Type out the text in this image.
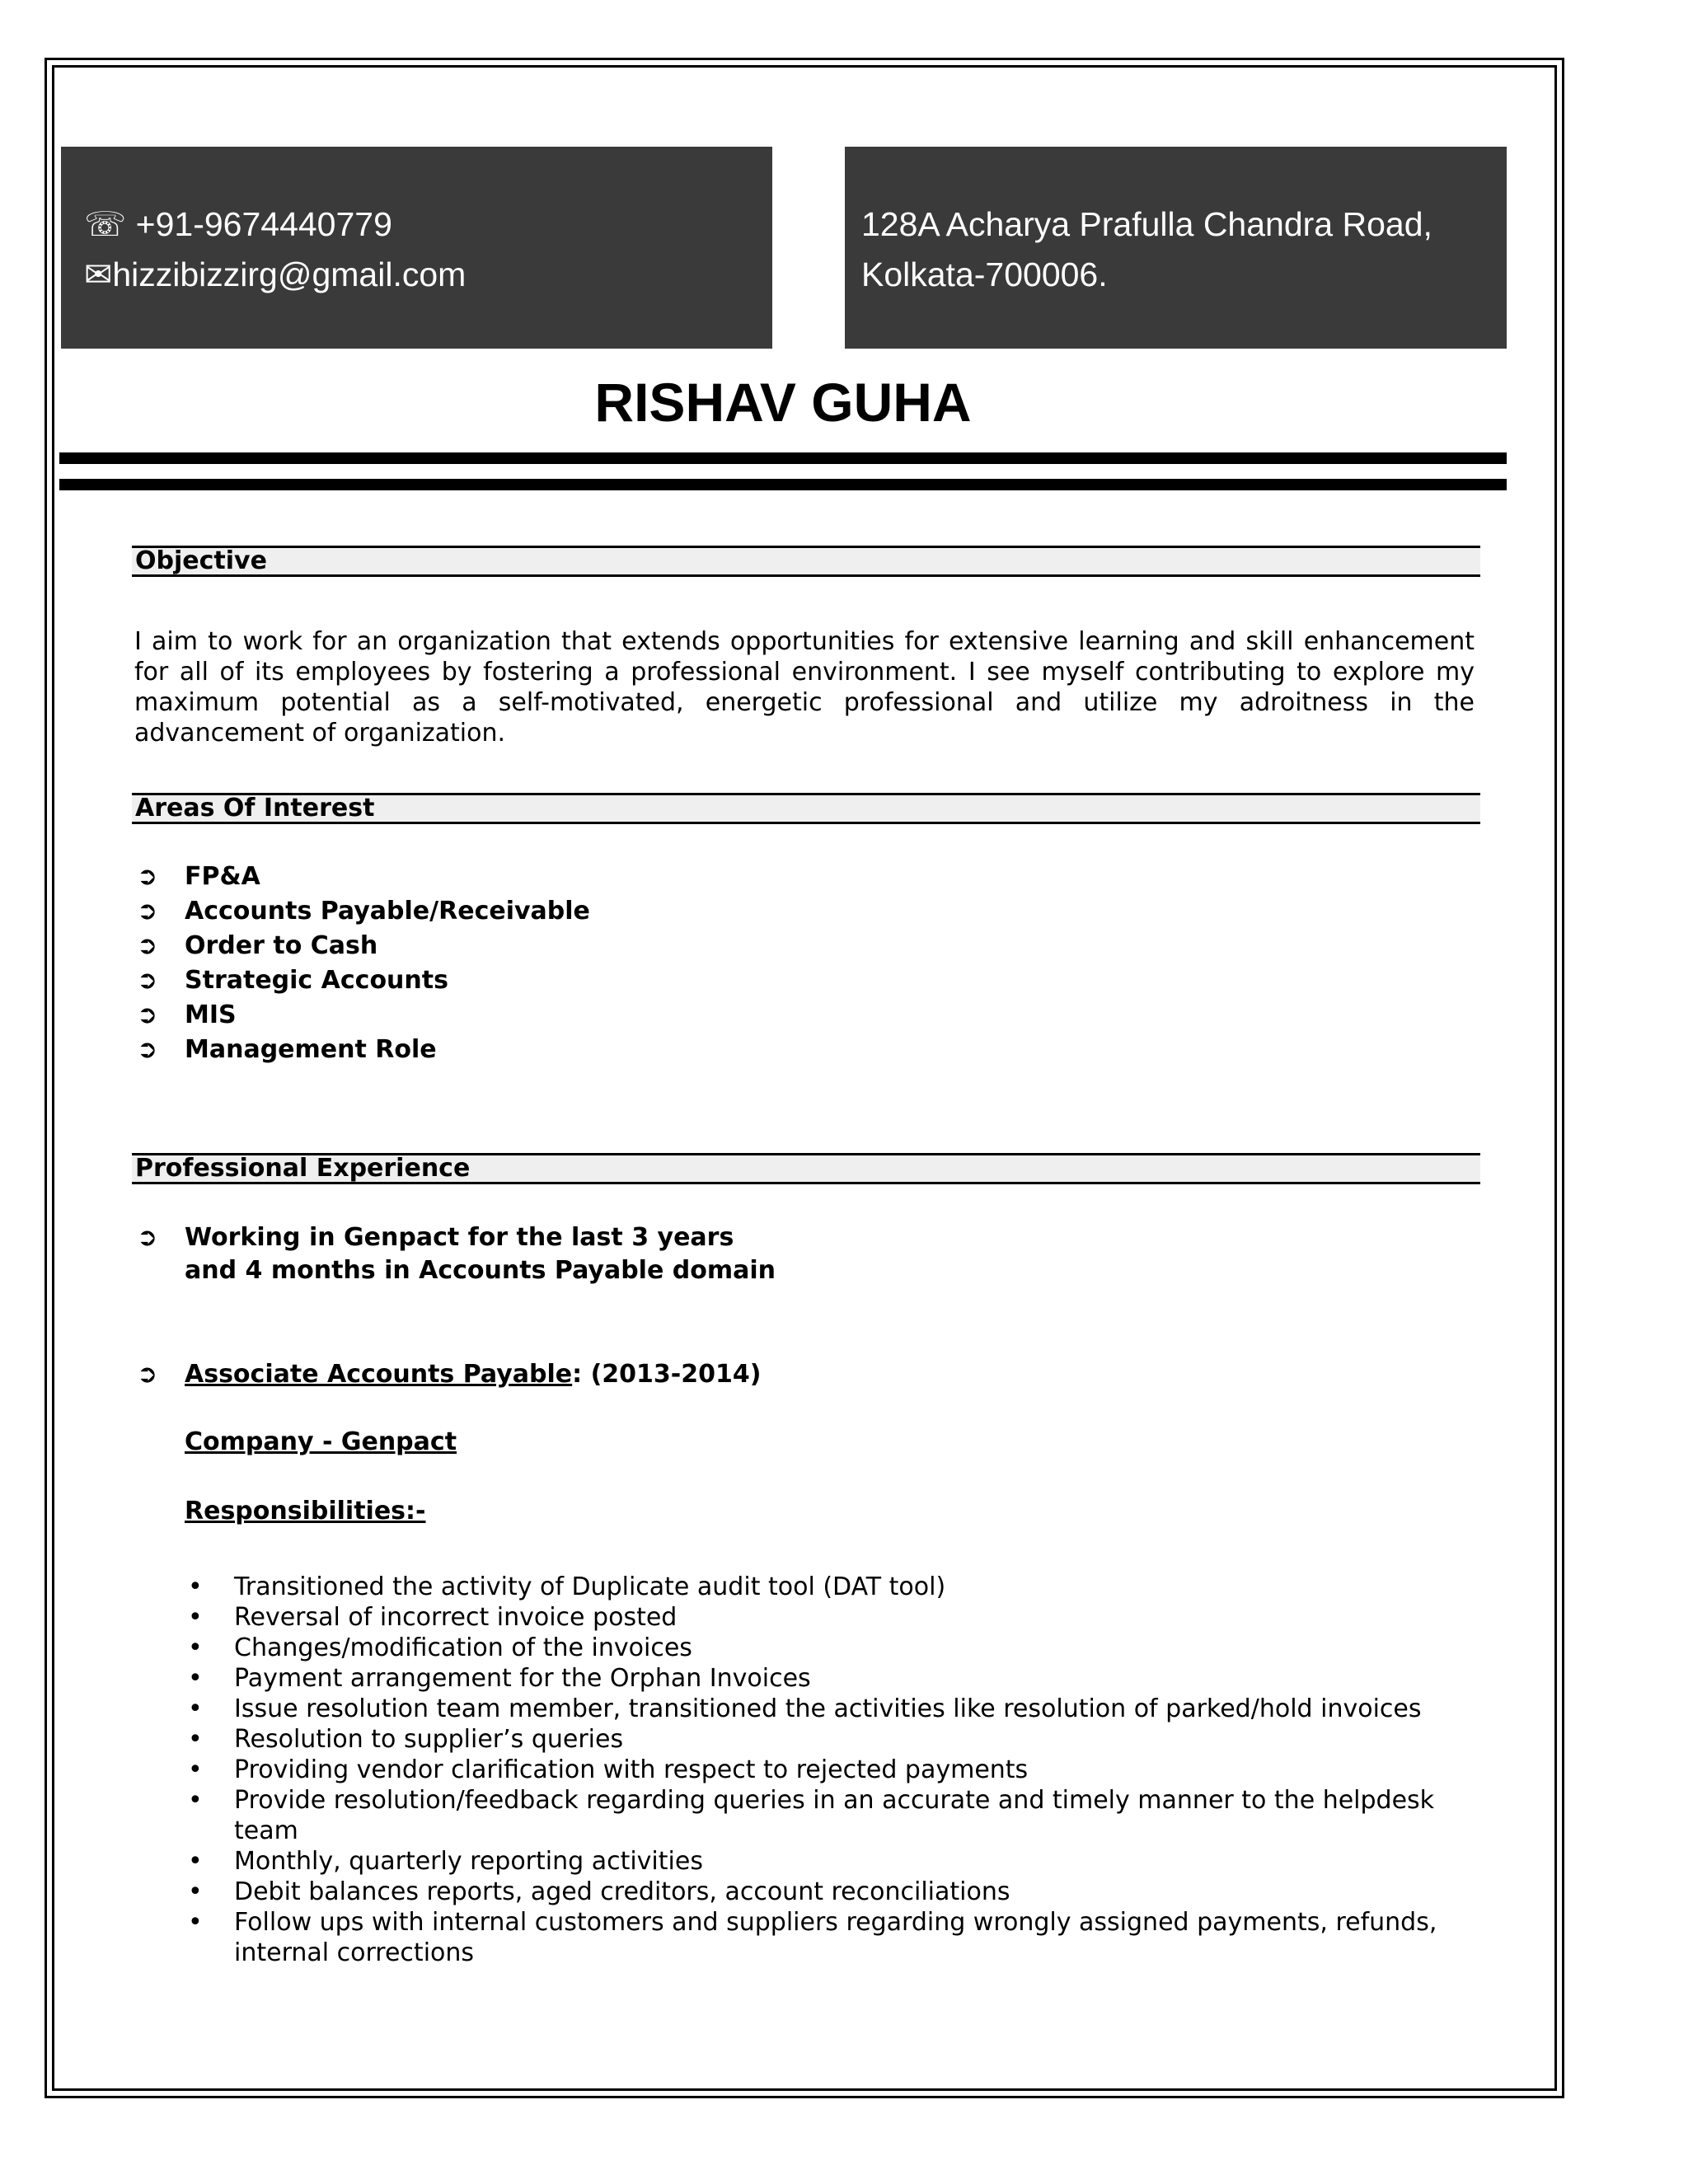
☏ +91-9674440779
✉hizzibizzirg@gmail.com
128A Acharya Prafulla Chandra Road,
Kolkata-700006.
RISHAV GUHA
Objective
I aim to work for an organization that extends opportunities for extensive learning and skill enhancement for all of its employees by fostering a professional environment. I see myself contributing to explore my maximum potential as a self-motivated, energetic professional and utilize my adroitness in the advancement of organization.
Areas Of Interest
➲ FP&A
➲ Accounts Payable/Receivable
➲ Order to Cash
➲ Strategic Accounts
➲ MIS
➲ Management Role
Professional Experience
➲ Working in Genpact for the last 3 years
and 4 months in Accounts Payable domain
➲ Associate Accounts Payable: (2013-2014)
Company - Genpact
Responsibilities:-
• Transitioned the activity of Duplicate audit tool (DAT tool)
• Reversal of incorrect invoice posted
• Changes/modification of the invoices
• Payment arrangement for the Orphan Invoices
• Issue resolution team member, transitioned the activities like resolution of parked/hold invoices
• Resolution to supplier’s queries
• Providing vendor clarification with respect to rejected payments
• Provide resolution/feedback regarding queries in an accurate and timely manner to the helpdesk team
• Monthly, quarterly reporting activities
• Debit balances reports, aged creditors, account reconciliations
• Follow ups with internal customers and suppliers regarding wrongly assigned payments, refunds, internal corrections
